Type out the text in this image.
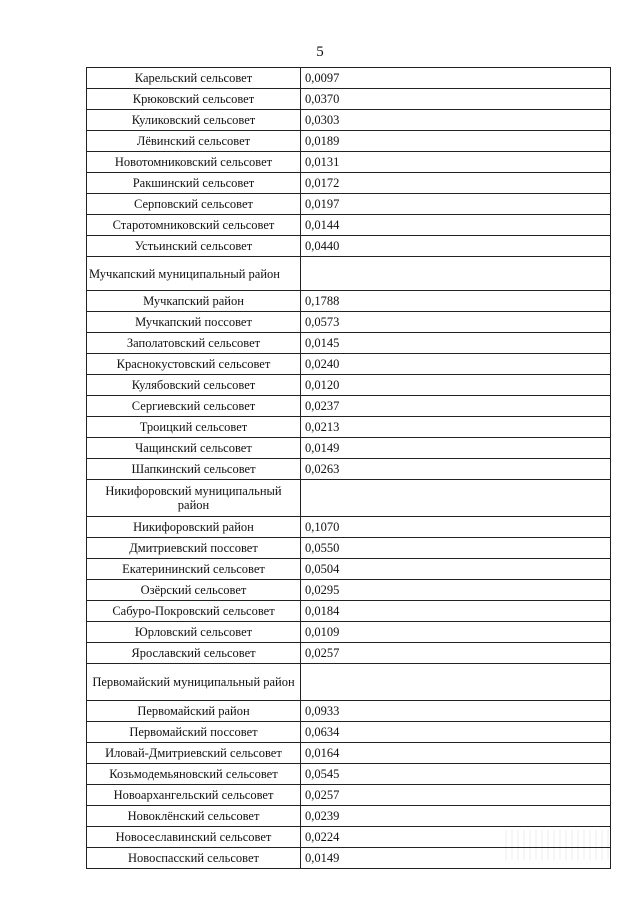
5
Карельский сельсовет	0,0097
Крюковский сельсовет	0,0370
Куликовский сельсовет	0,0303
Лёвинский сельсовет	0,0189
Новотомниковский сельсовет	0,0131
Ракшинский сельсовет	0,0172
Серповский сельсовет	0,0197
Старотомниковский сельсовет	0,0144
Устьинский сельсовет	0,0440
Мучкапский муниципальный район	
Мучкапский район	0,1788
Мучкапский поссовет	0,0573
Заполатовский сельсовет	0,0145
Краснокустовский сельсовет	0,0240
Кулябовский сельсовет	0,0120
Сергиевский сельсовет	0,0237
Троицкий сельсовет	0,0213
Чащинский сельсовет	0,0149
Шапкинский сельсовет	0,0263
Никифоровский муниципальный район	
Никифоровский район	0,1070
Дмитриевский поссовет	0,0550
Екатерининский сельсовет	0,0504
Озёрский сельсовет	0,0295
Сабуро-Покровский сельсовет	0,0184
Юрловский сельсовет	0,0109
Ярославский сельсовет	0,0257
Первомайский муниципальный район	
Первомайский район	0,0933
Первомайский поссовет	0,0634
Иловай-Дмитриевский сельсовет	0,0164
Козьмодемьяновский сельсовет	0,0545
Новоархангельский сельсовет	0,0257
Новоклёнский сельсовет	0,0239
Новосеславинский сельсовет	0,0224
Новоспасский сельсовет	0,0149
